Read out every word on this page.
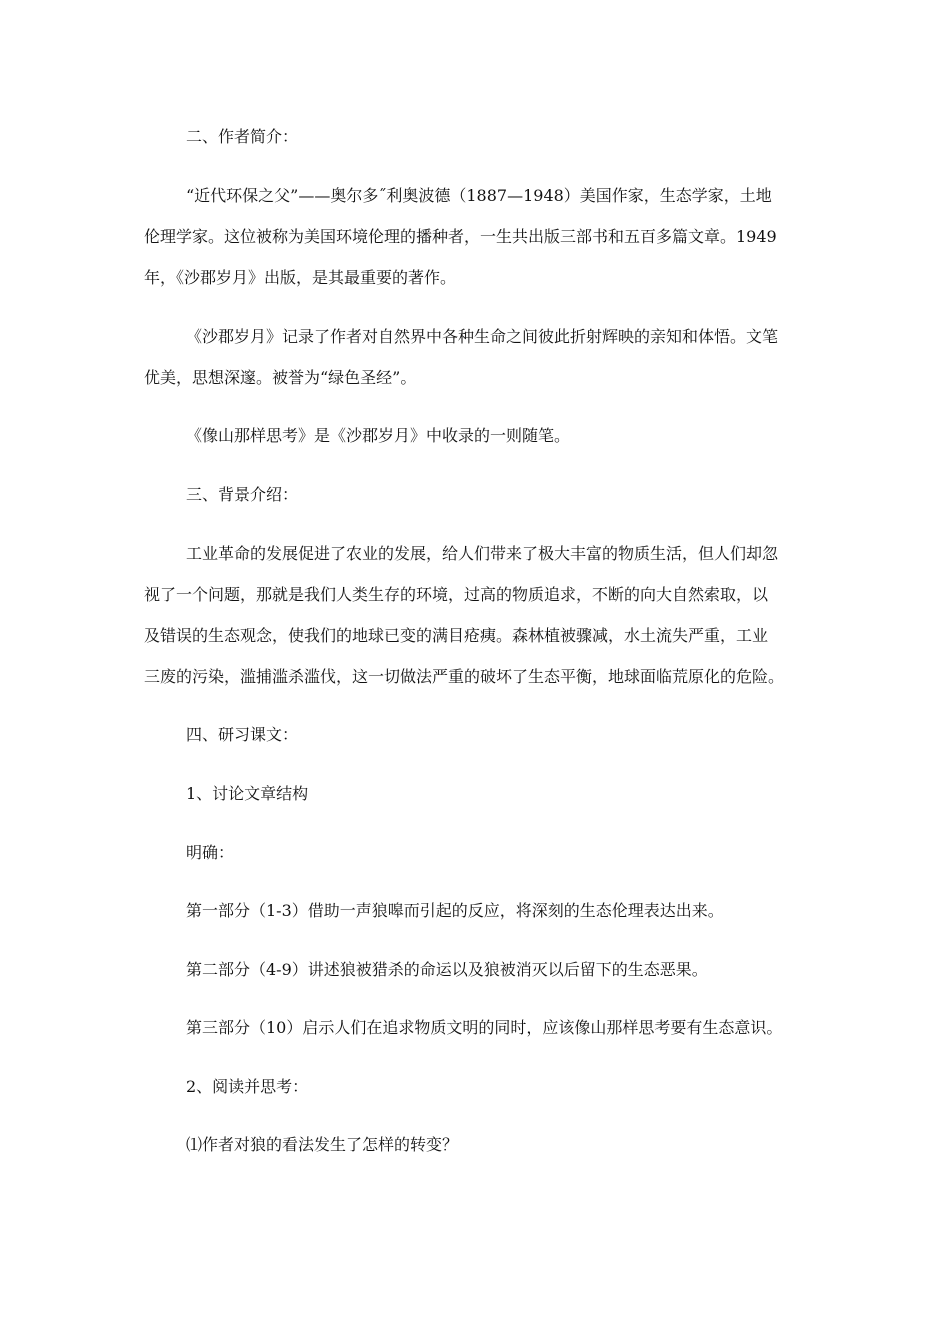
二、作者简介：
“近代环保之父”——奥尔多˝利奥波德（1887—1948）美国作家，生态学家，土地
伦理学家。这位被称为美国环境伦理的播种者，一生共出版三部书和五百多篇文章。1949
年，《沙郡岁月》出版，是其最重要的著作。
《沙郡岁月》记录了作者对自然界中各种生命之间彼此折射辉映的亲知和体悟。文笔
优美，思想深邃。被誉为“绿色圣经”。
《像山那样思考》是《沙郡岁月》中收录的一则随笔。
三、背景介绍：
工业革命的发展促进了农业的发展，给人们带来了极大丰富的物质生活，但人们却忽
视了一个问题，那就是我们人类生存的环境，过高的物质追求，不断的向大自然索取，以
及错误的生态观念，使我们的地球已变的满目疮痍。森林植被骤减，水土流失严重，工业
三废的污染，滥捕滥杀滥伐，这一切做法严重的破坏了生态平衡，地球面临荒原化的危险。
四、研习课文：
1、讨论文章结构
明确：
第一部分（1-3）借助一声狼嗥而引起的反应，将深刻的生态伦理表达出来。
第二部分（4-9）讲述狼被猎杀的命运以及狼被消灭以后留下的生态恶果。
第三部分（10）启示人们在追求物质文明的同时，应该像山那样思考要有生态意识。
2、阅读并思考：
⑴作者对狼的看法发生了怎样的转变？
